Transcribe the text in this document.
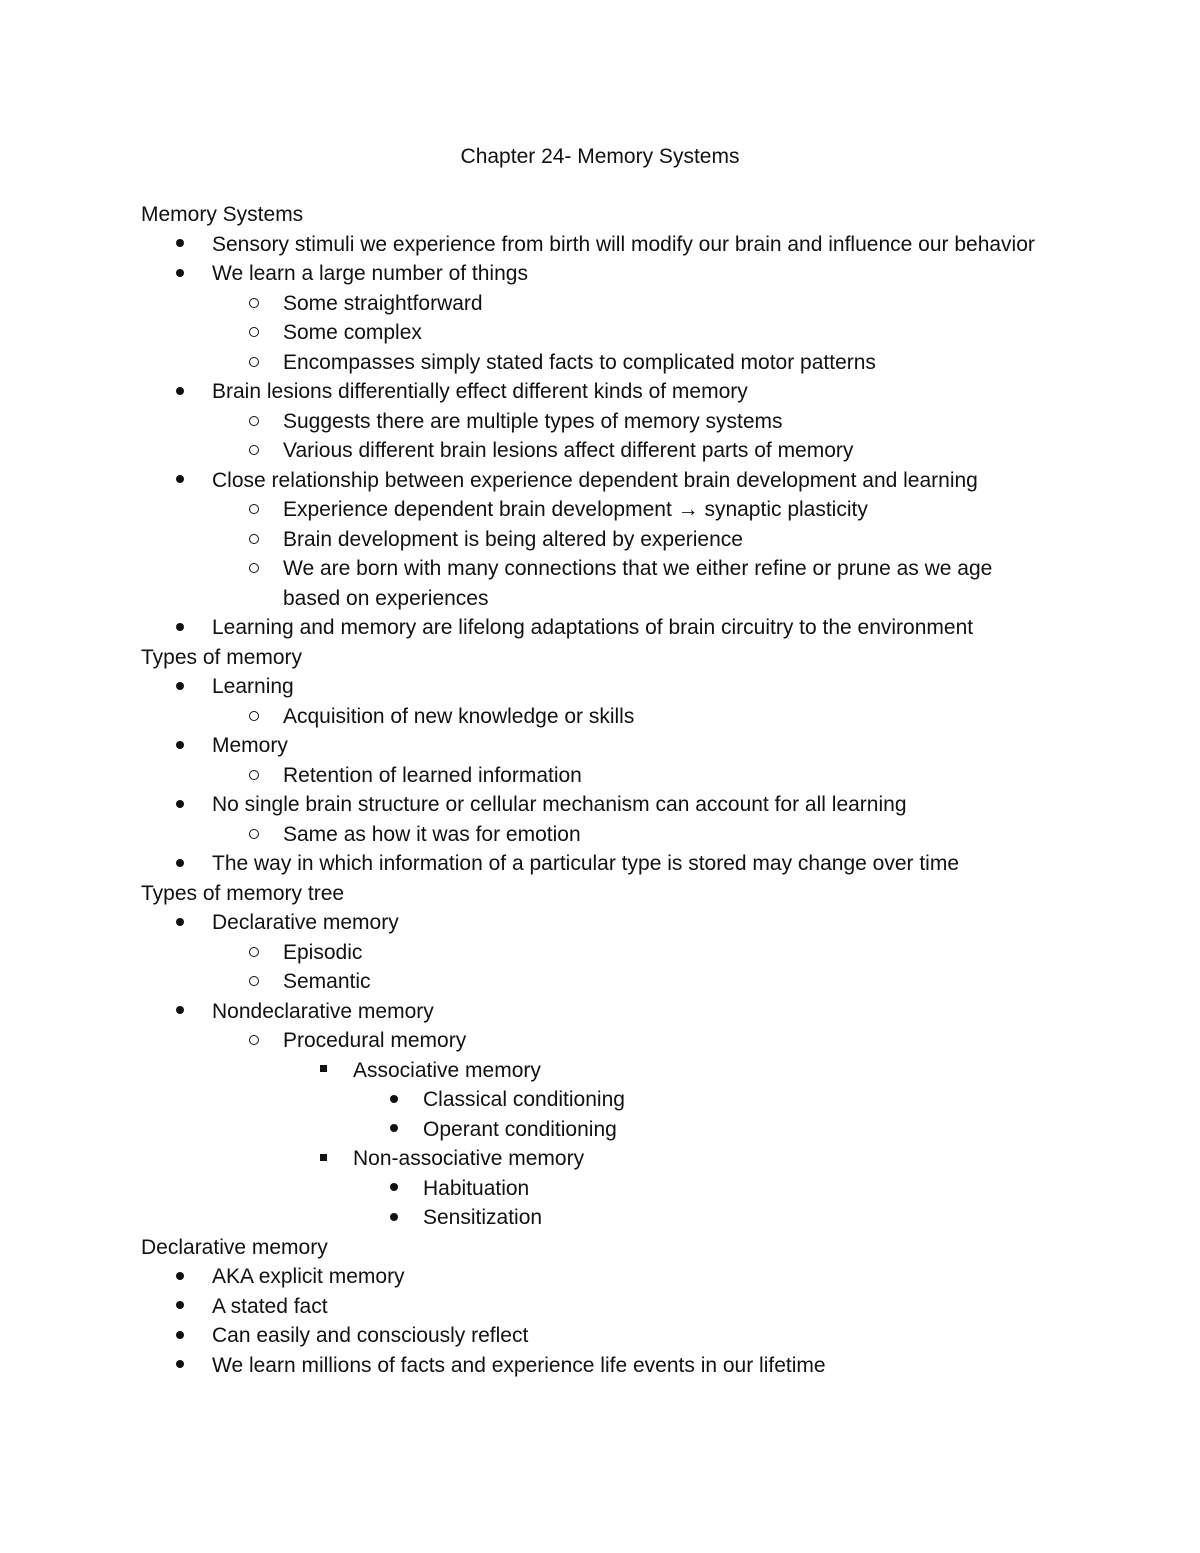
Chapter 24- Memory Systems
Memory Systems
Sensory stimuli we experience from birth will modify our brain and influence our behavior
We learn a large number of things
Some straightforward
Some complex
Encompasses simply stated facts to complicated motor patterns
Brain lesions differentially effect different kinds of memory
Suggests there are multiple types of memory systems
Various different brain lesions affect different parts of memory
Close relationship between experience dependent brain development and learning
Experience dependent brain development → synaptic plasticity
Brain development is being altered by experience
We are born with many connections that we either refine or prune as we age based on experiences
Learning and memory are lifelong adaptations of brain circuitry to the environment
Types of memory
Learning
Acquisition of new knowledge or skills
Memory
Retention of learned information
No single brain structure or cellular mechanism can account for all learning
Same as how it was for emotion
The way in which information of a particular type is stored may change over time
Types of memory tree
Declarative memory
Episodic
Semantic
Nondeclarative memory
Procedural memory
Associative memory
Classical conditioning
Operant conditioning
Non-associative memory
Habituation
Sensitization
Declarative memory
AKA explicit memory
A stated fact
Can easily and consciously reflect
We learn millions of facts and experience life events in our lifetime
